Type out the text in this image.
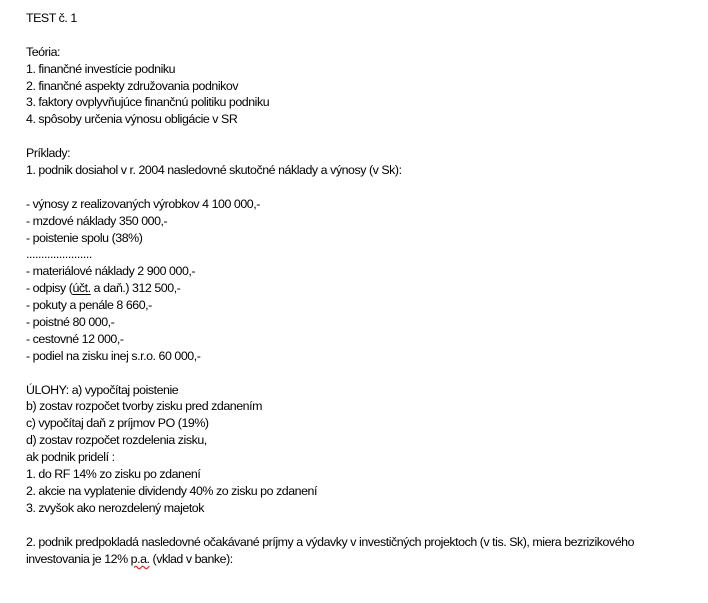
TEST č. 1
Teória:
1. finančné investície podniku
2. finančné aspekty združovania podnikov
3. faktory ovplyvňujúce finančnú politiku podniku
4. spôsoby určenia výnosu obligácie v SR
Príklady:
1. podnik dosiahol v r. 2004 nasledovné skutočné náklady a výnosy (v Sk):
- výnosy z realizovaných výrobkov 4 100 000,-
- mzdové náklady 350 000,-
- poistenie spolu (38%)
......................
- materiálové náklady 2 900 000,-
- odpisy (účt. a daň.) 312 500,-
- pokuty a penále 8 660,-
- poistné 80 000,-
- cestovné 12 000,-
- podiel na zisku inej s.r.o. 60 000,-
ÚLOHY: a) vypočítaj poistenie
b) zostav rozpočet tvorby zisku pred zdanením
c) vypočítaj daň z príjmov PO (19%)
d) zostav rozpočet rozdelenia zisku,
ak podnik pridelí :
1. do RF 14% zo zisku po zdanení
2. akcie na vyplatenie dividendy 40% zo zisku po zdanení
3. zvyšok ako nerozdelený majetok
2. podnik predpokladá nasledovné očakávané príjmy a výdavky v investičných projektoch (v tis. Sk), miera bezrizikového investovania je 12% p.a. (vklad v banke):
